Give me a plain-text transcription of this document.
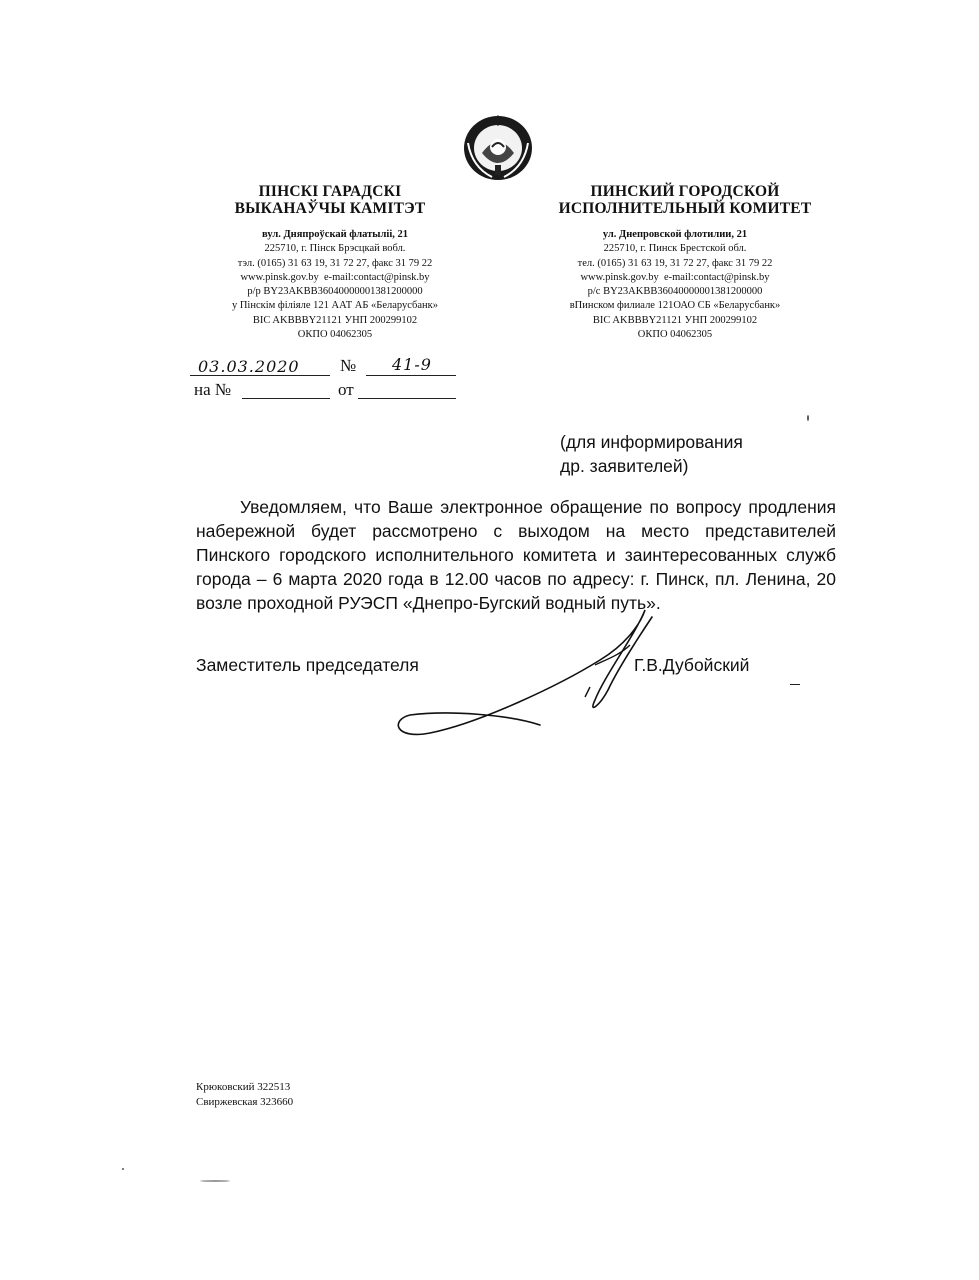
ПІНСКІ ГАРАДСКІ
ВЫКАНАЎЧЫ КАМІТЭТ
вул. Дняпроўскай флатыліі, 21
225710, г. Пінск Брэсцкай вобл.
тэл. (0165) 31 63 19, 31 72 27, факс 31 79 22
www.pinsk.gov.by e-mail:contact@pinsk.by
р/р BY23AKBB36040000001381200000
у Пінскім філіяле 121 ААТ АБ «Беларусбанк»
BIC AKBBBY21121 УНП 200299102
ОКПО 04062305
ПИНСКИЙ ГОРОДСКОЙ
ИСПОЛНИТЕЛЬНЫЙ КОМИТЕТ
ул. Днепровской флотилии, 21
225710, г. Пинск Брестской обл.
тел. (0165) 31 63 19, 31 72 27, факс 31 79 22
www.pinsk.gov.by e-mail:contact@pinsk.by
р/с BY23AKBB36040000001381200000
вПинском филиале 121ОАО СБ «Беларусбанк»
BIC AKBBBY21121 УНП 200299102
ОКПО 04062305
03.03.2020 № 41-9
на №	от
(для информирования
др. заявителей)
Уведомляем, что Ваше электронное обращение по вопросу продления набережной будет рассмотрено с выходом на место представителей Пинского городского исполнительного комитета и заинтересованных служб города – 6 марта 2020 года в 12.00 часов по адресу: г. Пинск, пл. Ленина, 20 возле проходной РУЭСП «Днепро-Бугский водный путь».
Заместитель председателя	Г.В.Дубойский
Крюковский 322513
Свиржевская 323660
